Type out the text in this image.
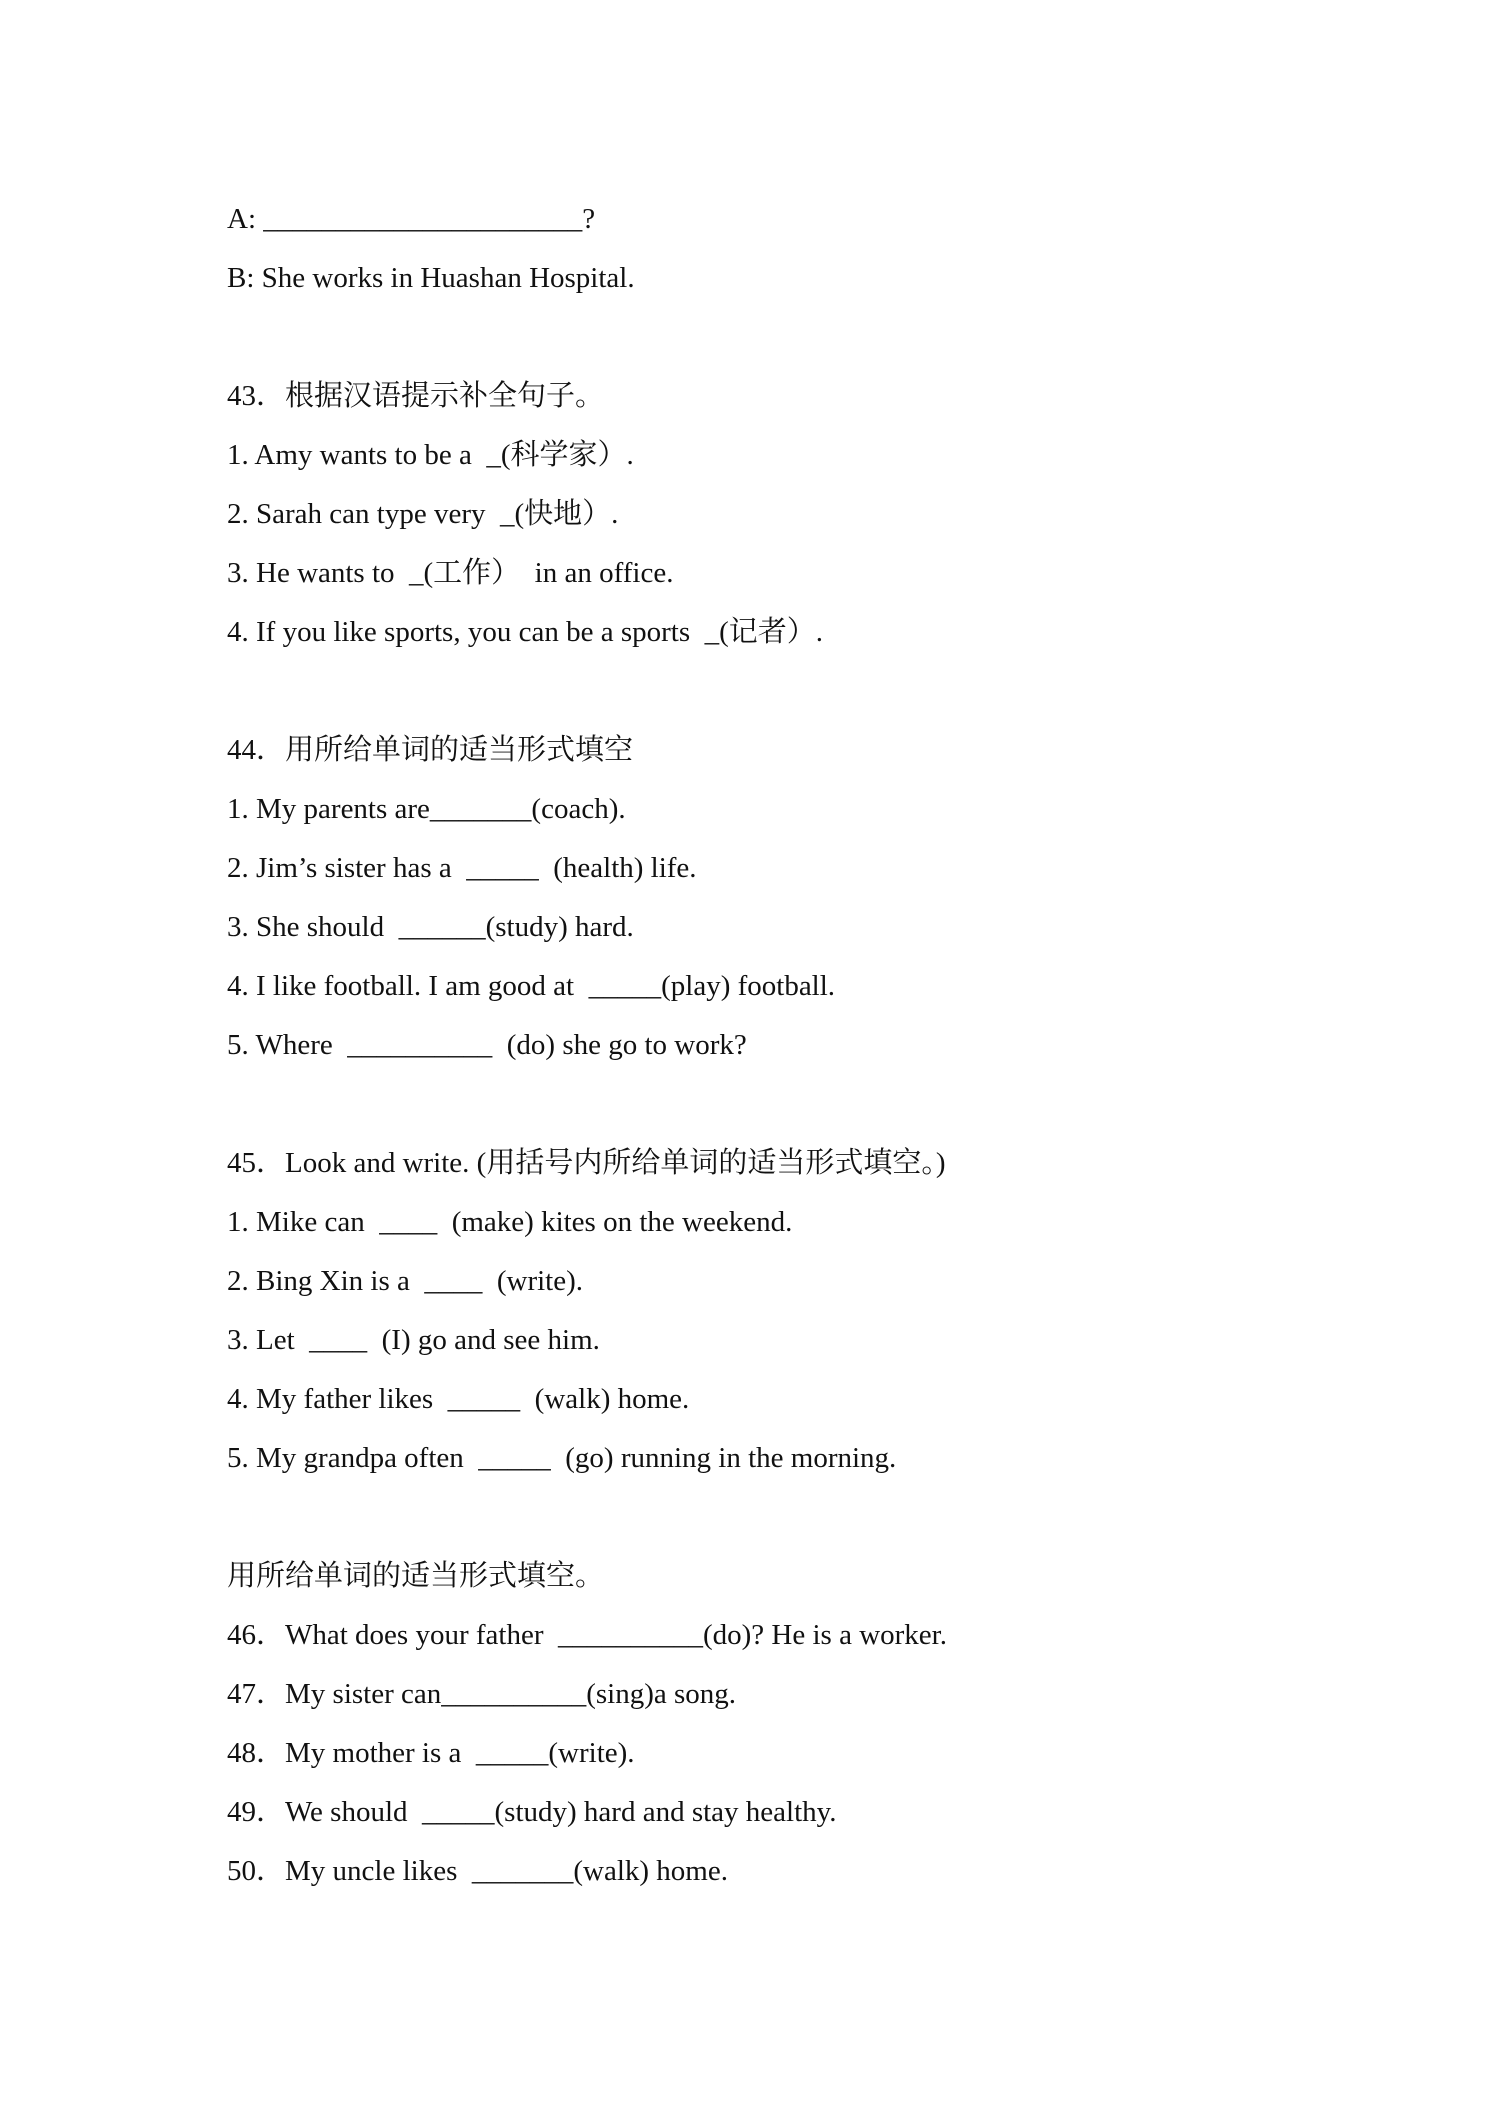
A: ______________________?

B: She works in Huashan Hospital.

43．根据汉语提示补全句子。

1. Amy wants to be a  _(科学家）.

2. Sarah can type very  _(快地）.

3. He wants to  _(工作）  in an office.

4. If you like sports, you can be a sports  _(记者）.

44．用所给单词的适当形式填空

1. My parents are_______(coach).

2. Jim’s sister has a  _____  (health) life.

3. She should  ______(study) hard.

4. I like football. I am good at  _____(play) football.

5. Where  __________  (do) she go to work?

45．Look and write. (用括号内所给单词的适当形式填空。)

1. Mike can  ____  (make) kites on the weekend.

2. Bing Xin is a  ____  (write).

3. Let  ____  (I) go and see him.

4. My father likes  _____  (walk) home.

5. My grandpa often  _____  (go) running in the morning.

用所给单词的适当形式填空。

46．What does your father  __________(do)? He is a worker.

47．My sister can__________(sing)a song.

48．My mother is a  _____(write).

49．We should  _____(study) hard and stay healthy.

50．My uncle likes  _______(walk) home.
